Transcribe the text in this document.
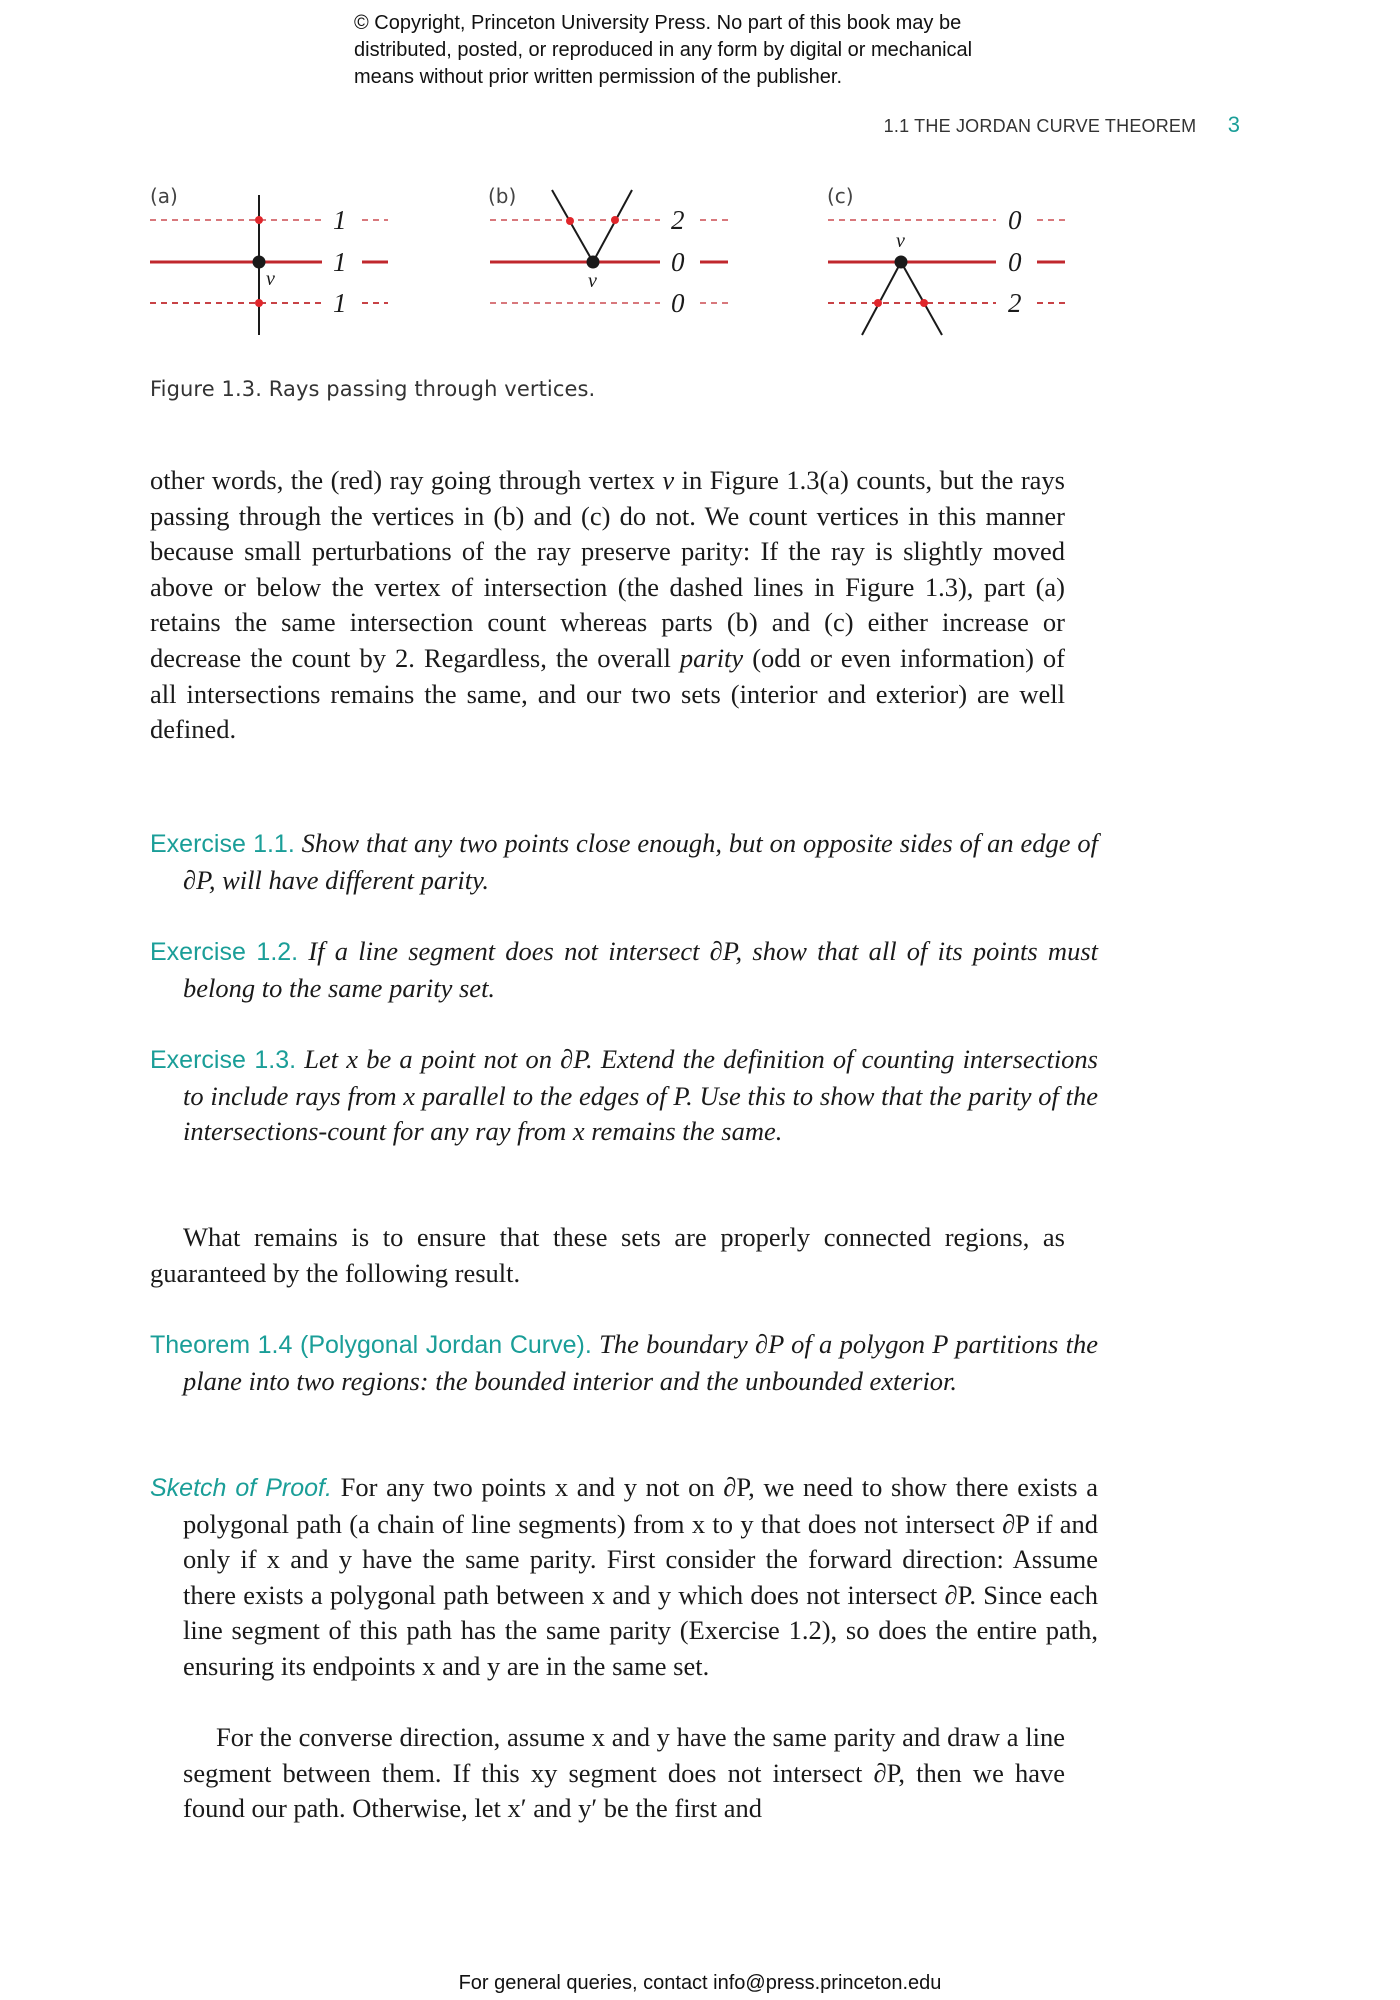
© Copyright, Princeton University Press. No part of this book may be
distributed, posted, or reproduced in any form by digital or mechanical
means without prior written permission of the publisher.
1.1 THE JORDAN CURVE THEOREM 3
(a)
v
1
1
1
(b)
v
2
0
0
(c)
v
0
0
2
Figure 1.3. Rays passing through vertices.
other words, the (red) ray going through vertex v in Figure 1.3(a) counts, but the rays passing through the vertices in (b) and (c) do not. We count vertices in this manner because small perturbations of the ray preserve parity: If the ray is slightly moved above or below the vertex of intersection (the dashed lines in Figure 1.3), part (a) retains the same intersection count whereas parts (b) and (c) either increase or decrease the count by 2. Regardless, the overall parity (odd or even information) of all intersections remains the same, and our two sets (interior and exterior) are well defined.
Exercise 1.1. Show that any two points close enough, but on opposite sides of an edge of ∂P, will have different parity.
Exercise 1.2. If a line segment does not intersect ∂P, show that all of its points must belong to the same parity set.
Exercise 1.3. Let x be a point not on ∂P. Extend the definition of counting intersections to include rays from x parallel to the edges of P. Use this to show that the parity of the intersections-count for any ray from x remains the same.
What remains is to ensure that these sets are properly connected regions, as guaranteed by the following result.
Theorem 1.4 (Polygonal Jordan Curve). The boundary ∂P of a polygon P partitions the plane into two regions: the bounded interior and the unbounded exterior.
Sketch of Proof. For any two points x and y not on ∂P, we need to show there exists a polygonal path (a chain of line segments) from x to y that does not intersect ∂P if and only if x and y have the same parity. First consider the forward direction: Assume there exists a polygonal path between x and y which does not intersect ∂P. Since each line segment of this path has the same parity (Exercise 1.2), so does the entire path, ensuring its endpoints x and y are in the same set.
For the converse direction, assume x and y have the same parity and draw a line segment between them. If this xy segment does not intersect ∂P, then we have found our path. Otherwise, let x′ and y′ be the first and
For general queries, contact info@press.princeton.edu
